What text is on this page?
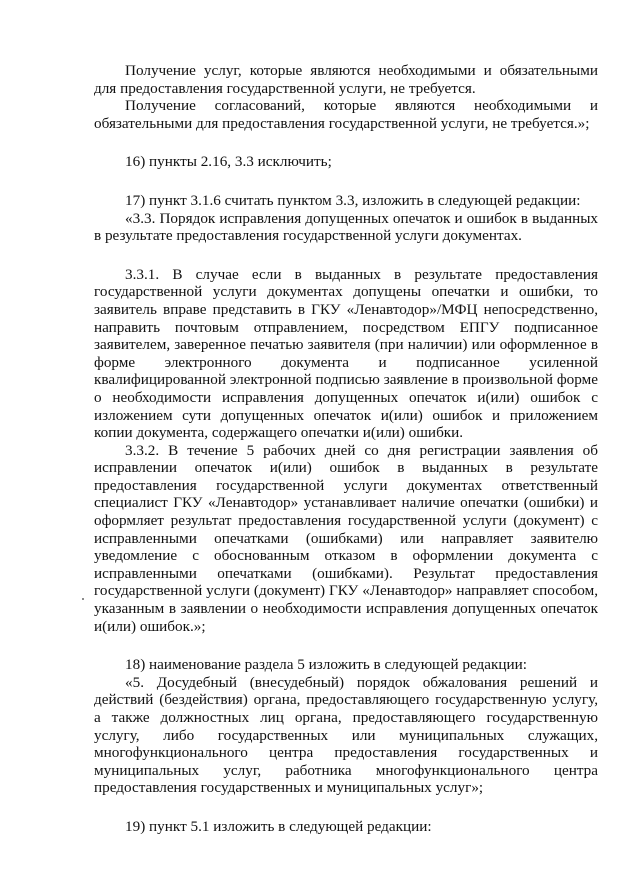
Получение услуг, которые являются необходимыми и обязательными для предоставления государственной услуги, не требуется.

Получение согласований, которые являются необходимыми и обязательными для предоставления государственной услуги, не требуется.»;

16) пункты 2.16, 3.3 исключить;

17) пункт 3.1.6 считать пунктом 3.3, изложить в следующей редакции:

«3.3. Порядок исправления допущенных опечаток и ошибок в выданных в результате предоставления государственной услуги документах.

3.3.1. В случае если в выданных в результате предоставления государственной услуги документах допущены опечатки и ошибки, то заявитель вправе представить в ГКУ «Ленавтодор»/МФЦ непосредственно, направить почтовым отправлением, посредством ЕПГУ подписанное заявителем, заверенное печатью заявителя (при наличии) или оформленное в форме электронного документа и подписанное усиленной квалифицированной электронной подписью заявление в произвольной форме о необходимости исправления допущенных опечаток и(или) ошибок с изложением сути допущенных опечаток и(или) ошибок и приложением копии документа, содержащего опечатки и(или) ошибки.

3.3.2. В течение 5 рабочих дней со дня регистрации заявления об исправлении опечаток и(или) ошибок в выданных в результате предоставления государственной услуги документах ответственный специалист ГКУ «Ленавтодор» устанавливает наличие опечатки (ошибки) и оформляет результат предоставления государственной услуги (документ) с исправленными опечатками (ошибками) или направляет заявителю уведомление с обоснованным отказом в оформлении документа с исправленными опечатками (ошибками). Результат предоставления государственной услуги (документ) ГКУ «Ленавтодор» направляет способом, указанным в заявлении о необходимости исправления допущенных опечаток и(или) ошибок.»;

18) наименование раздела 5 изложить в следующей редакции:

«5. Досудебный (внесудебный) порядок обжалования решений и действий (бездействия) органа, предоставляющего государственную услугу, а также должностных лиц органа, предоставляющего государственную услугу, либо государственных или муниципальных служащих, многофункционального центра предоставления государственных и муниципальных услуг, работника многофункционального центра предоставления государственных и муниципальных услуг»;

19) пункт 5.1 изложить в следующей редакции:
